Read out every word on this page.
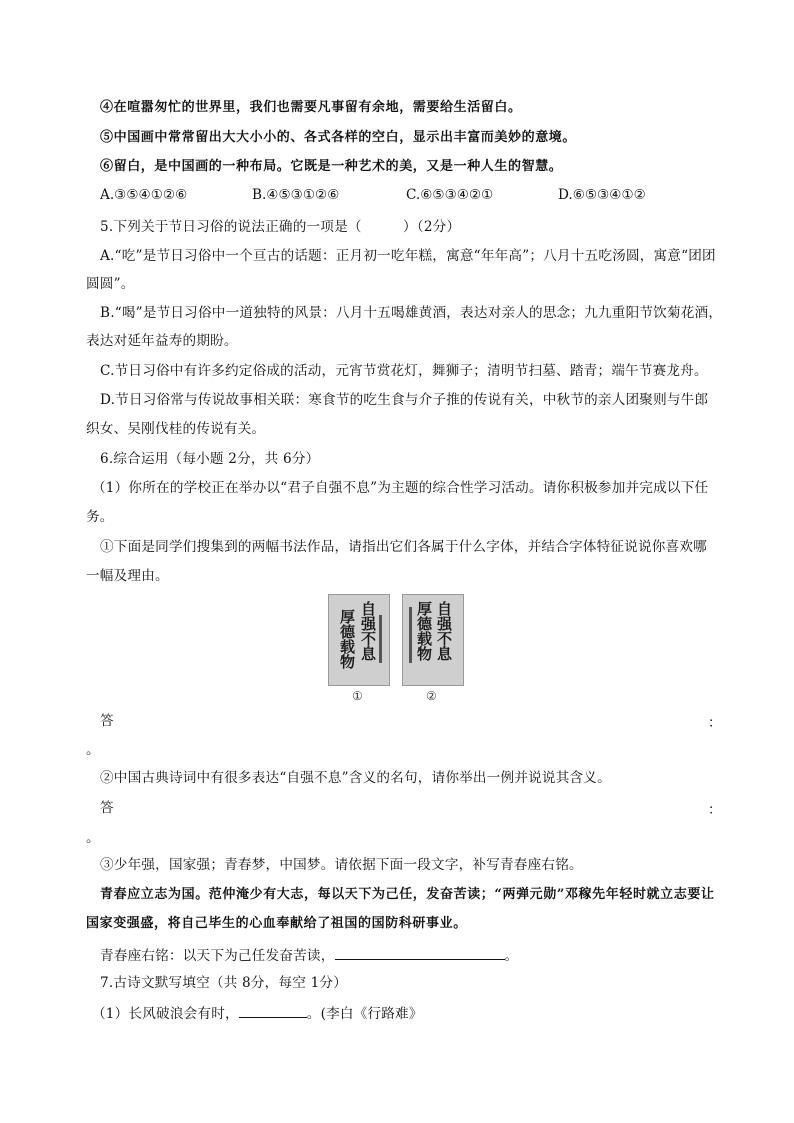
④在喧嚣匆忙的世界里，我们也需要凡事留有余地，需要给生活留白。
⑤中国画中常常留出大大小小的、各式各样的空白，显示出丰富而美妙的意境。
⑥留白，是中国画的一种布局。它既是一种艺术的美，又是一种人生的智慧。
A.③⑤④①②⑥	B.④⑤③①②⑥	C.⑥⑤③④②①	D.⑥⑤③④①②
5.下列关于节日习俗的说法正确的一项是（　　　）（2分）
A.“吃”是节日习俗中一个亘古的话题：正月初一吃年糕，寓意“年年高”；八月十五吃汤圆，寓意“团团
圆圆”。
B.“喝”是节日习俗中一道独特的风景：八月十五喝雄黄酒，表达对亲人的思念；九九重阳节饮菊花酒，
表达对延年益寿的期盼。
C.节日习俗中有许多约定俗成的活动，元宵节赏花灯，舞狮子；清明节扫墓、踏青；端午节赛龙舟。
D.节日习俗常与传说故事相关联：寒食节的吃生食与介子推的传说有关，中秋节的亲人团聚则与牛郎
织女、吴刚伐桂的传说有关。
6.综合运用（每小题 2分，共 6分）
（1）你所在的学校正在举办以“君子自强不息”为主题的综合性学习活动。请你积极参加并完成以下任
务。
①下面是同学们搜集到的两幅书法作品，请指出它们各属于什么字体，并结合字体特征说说你喜欢哪
一幅及理由。
自强不息
厚德载物	自强不息
厚德载物
①	②
答	：
。
②中国古典诗词中有很多表达“自强不息”含义的名句，请你举出一例并说说其含义。
答	：
。
③少年强，国家强；青春梦，中国梦。请依据下面一段文字，补写青春座右铭。
青春应立志为国。范仲淹少有大志，每以天下为己任，发奋苦读；“两弹元勋”邓稼先年轻时就立志要让
国家变强盛，将自己毕生的心血奉献给了祖国的国防科研事业。
青春座右铭：以天下为己任发奋苦读，	。
7.古诗文默写填空（共 8分，每空 1分）
（1）长风破浪会有时，	。(李白《行路难》
